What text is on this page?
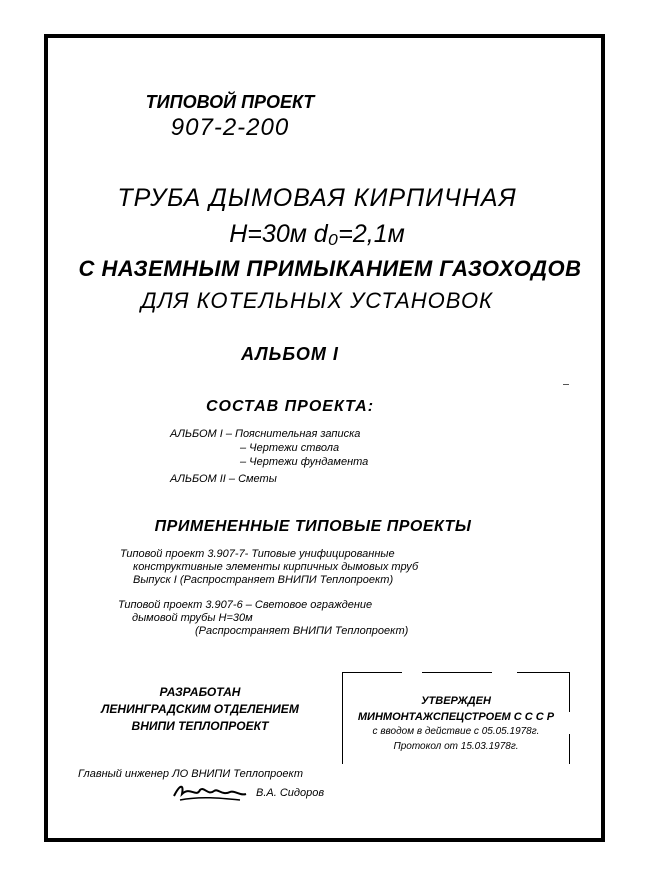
ТИПОВОЙ ПРОЕКТ

907-2-200

ТРУБА ДЫМОВАЯ КИРПИЧНАЯ

Н=30м d₀=2,1м

С НАЗЕМНЫМ ПРИМЫКАНИЕМ ГАЗОХОДОВ

ДЛЯ КОТЕЛЬНЫХ УСТАНОВОК

АЛЬБОМ I

СОСТАВ ПРОЕКТА:

АЛЬБОМ I – Пояснительная записка

– Чертежи ствола

– Чертежи фундамента

АЛЬБОМ II – Сметы

ПРИМЕНЕННЫЕ ТИПОВЫЕ ПРОЕКТЫ

Типовой проект 3.907-7- Типовые унифицированные

конструктивные элементы кирпичных дымовых труб

Выпуск I (Распространяет ВНИПИ Теплопроект)

Типовой проект 3.907-6 – Световое ограждение

дымовой трубы Н=30м

(Распространяет ВНИПИ Теплопроект)

РАЗРАБОТАН

ЛЕНИНГРАДСКИМ ОТДЕЛЕНИЕМ

ВНИПИ ТЕПЛОПРОЕКТ

УТВЕРЖДЕН

МИНМОНТАЖСПЕЦСТРОЕМ С С С Р

с вводом в действие с 05.05.1978г.

Протокол от 15.03.1978г.

Главный инженер ЛО ВНИПИ Теплопроект

В.А. Сидоров
